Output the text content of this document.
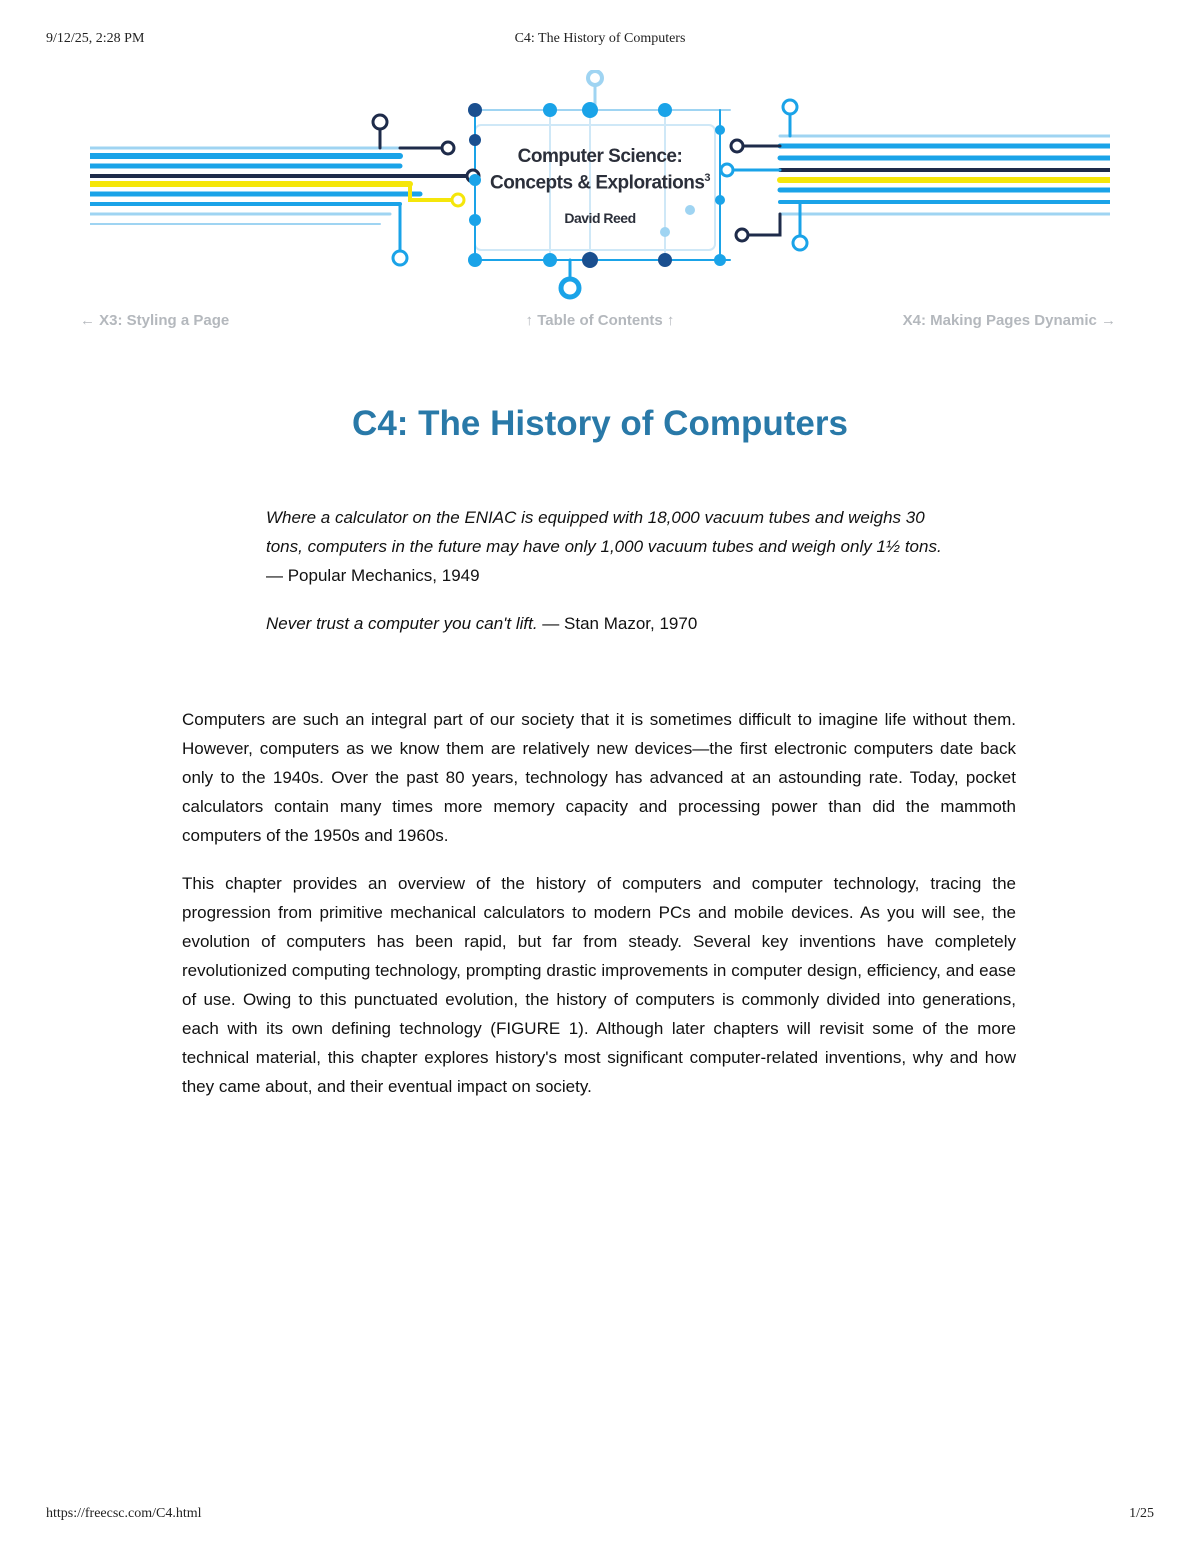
9/12/25, 2:28 PM	C4: The History of Computers
Computer Science:
Concepts & Explorations$^3$
David Reed
← X3: Styling a Page	↑ Table of Contents ↑	X4: Making Pages Dynamic →
C4: The History of Computers
Where a calculator on the ENIAC is equipped with 18,000 vacuum tubes and weighs 30 tons, computers in the future may have only 1,000 vacuum tubes and weigh only 1½ tons. — Popular Mechanics, 1949
Never trust a computer you can't lift. — Stan Mazor, 1970

Computers are such an integral part of our society that it is sometimes difficult to imagine life without them. However, computers as we know them are relatively new devices—the first electronic computers date back only to the 1940s. Over the past 80 years, technology has advanced at an astounding rate. Today, pocket calculators contain many times more memory capacity and processing power than did the mammoth computers of the 1950s and 1960s.

This chapter provides an overview of the history of computers and computer technology, tracing the progression from primitive mechanical calculators to modern PCs and mobile devices. As you will see, the evolution of computers has been rapid, but far from steady. Several key inventions have completely revolutionized computing technology, prompting drastic improvements in computer design, efficiency, and ease of use. Owing to this punctuated evolution, the history of computers is commonly divided into generations, each with its own defining technology (FIGURE 1). Although later chapters will revisit some of the more technical material, this chapter explores history's most significant computer-related inventions, why and how they came about, and their eventual impact on society.

https://freecsc.com/C4.html	1/25
